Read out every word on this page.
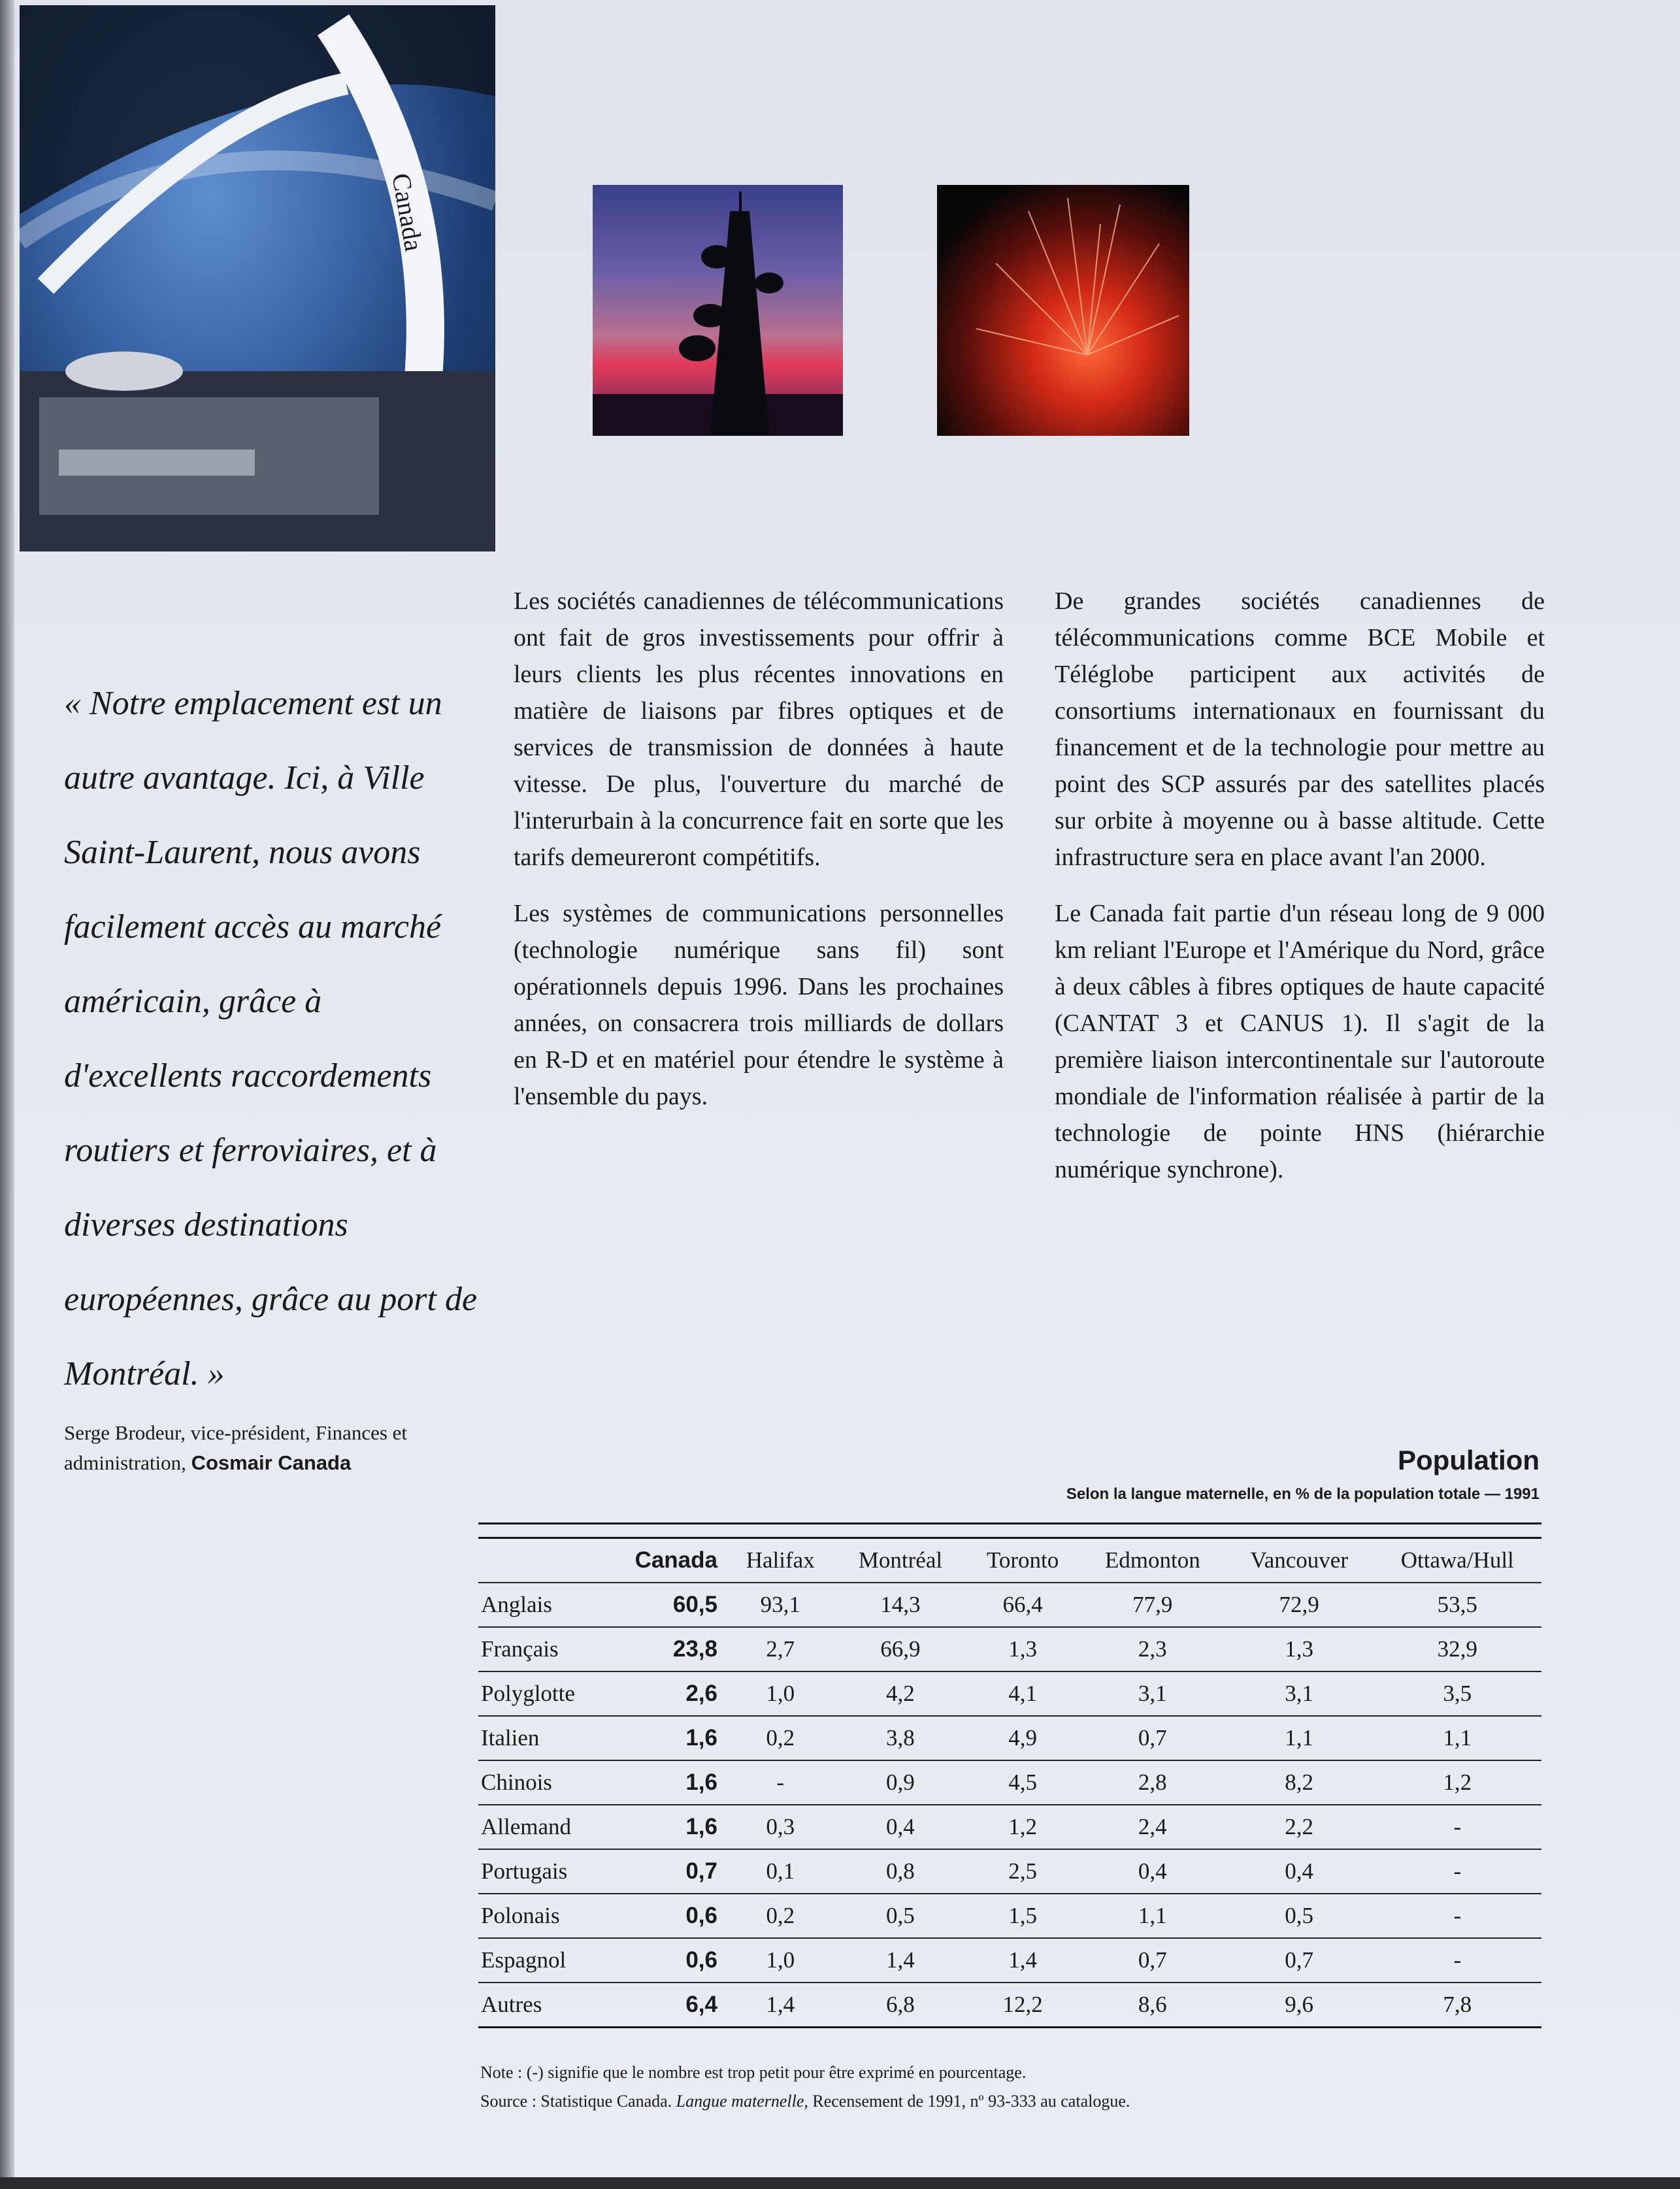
Canada
« Notre emplacement est un autre avantage. Ici, à Ville Saint-Laurent, nous avons facilement accès au marché américain, grâce à d'excellents raccordements routiers et ferroviaires, et à diverses destinations européennes, grâce au port de Montréal. »
Serge Brodeur, vice-président, Finances et administration, Cosmair Canada

Les sociétés canadiennes de télécommunications ont fait de gros investissements pour offrir à leurs clients les plus récentes innovations en matière de liaisons par fibres optiques et de services de transmission de données à haute vitesse. De plus, l'ouverture du marché de l'interurbain à la concurrence fait en sorte que les tarifs demeureront compétitifs.

Les systèmes de communications personnelles (technologie numérique sans fil) sont opérationnels depuis 1996. Dans les prochaines années, on consacrera trois milliards de dollars en R-D et en matériel pour étendre le système à l'ensemble du pays.

De grandes sociétés canadiennes de télécommunications comme BCE Mobile et Téléglobe participent aux activités de consortiums internationaux en fournissant du financement et de la technologie pour mettre au point des SCP assurés par des satellites placés sur orbite à moyenne ou à basse altitude. Cette infrastructure sera en place avant l'an 2000.

Le Canada fait partie d'un réseau long de 9 000 km reliant l'Europe et l'Amérique du Nord, grâce à deux câbles à fibres optiques de haute capacité (CANTAT 3 et CANUS 1). Il s'agit de la première liaison intercontinentale sur l'autoroute mondiale de l'information réalisée à partir de la technologie de pointe HNS (hiérarchie numérique synchrone).

Population
Selon la langue maternelle, en % de la population totale — 1991
	Canada	Halifax	Montréal	Toronto	Edmonton	Vancouver	Ottawa/Hull
Anglais	60,5	93,1	14,3	66,4	77,9	72,9	53,5
Français	23,8	2,7	66,9	1,3	2,3	1,3	32,9
Polyglotte	2,6	1,0	4,2	4,1	3,1	3,1	3,5
Italien	1,6	0,2	3,8	4,9	0,7	1,1	1,1
Chinois	1,6	-	0,9	4,5	2,8	8,2	1,2
Allemand	1,6	0,3	0,4	1,2	2,4	2,2	-
Portugais	0,7	0,1	0,8	2,5	0,4	0,4	-
Polonais	0,6	0,2	0,5	1,5	1,1	0,5	-
Espagnol	0,6	1,0	1,4	1,4	0,7	0,7	-
Autres	6,4	1,4	6,8	12,2	8,6	9,6	7,8
Note : (-) signifie que le nombre est trop petit pour être exprimé en pourcentage.
Source : Statistique Canada. Langue maternelle, Recensement de 1991, nº 93-333 au catalogue.
